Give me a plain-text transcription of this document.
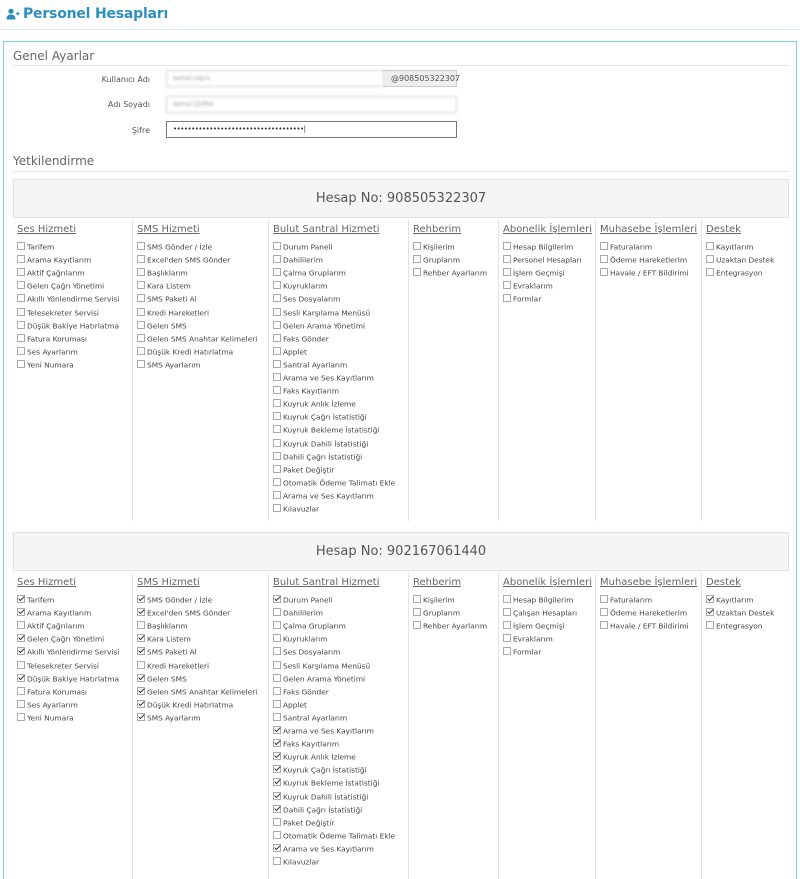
Personel Hesapları
Genel Ayarlar
Kullanıcı Adı	kemal.cepra	@908505322307
Adı Soyadı	Kemal ÇEPRA
Şifre	••••••••••••••••••••••••••••••••••••|
Yetkilendirme
Hesap No: 908505322307
Ses Hizmeti
Tarifem
Arama Kayıtlarım
Aktif Çağrılarım
Gelen Çağrı Yönetimi
Akıllı Yönlendirme Servisi
Telesekreter Servisi
Düşük Bakiye Hatırlatma
Fatura Koruması
Ses Ayarlarım
Yeni Numara
SMS Hizmeti
SMS Gönder / İzle
Excel'den SMS Gönder
Başlıklarım
Kara Listem
SMS Paketi Al
Kredi Hareketleri
Gelen SMS
Gelen SMS Anahtar Kelimeleri
Düşük Kredi Hatırlatma
SMS Ayarlarım
Bulut Santral Hizmeti
Durum Paneli
Dahililerim
Çalma Gruplarım
Kuyruklarım
Ses Dosyalarım
Sesli Karşılama Menüsü
Gelen Arama Yönetimi
Faks Gönder
Applet
Santral Ayarlarım
Arama ve Ses Kayıtlarım
Faks Kayıtlarım
Kuyruk Anlık İzleme
Kuyruk Çağrı İstatistiği
Kuyruk Bekleme İstatistiği
Kuyruk Dahili İstatistiği
Dahili Çağrı İstatistiği
Paket Değiştir
Otomatik Ödeme Talimatı Ekle
Arama ve Ses Kayıtlarım
Kılavuzlar
Rehberim
Kişilerim
Gruplarım
Rehber Ayarlarım
Abonelik İşlemleri
Hesap Bilgilerim
Personel Hesapları
İşlem Geçmişi
Evraklarım
Formlar
Muhasebe İşlemleri
Faturalarım
Ödeme Hareketlerim
Havale / EFT Bildirimi
Destek
Kayıtlarım
Uzaktan Destek
Entegrasyon
Hesap No: 902167061440
Ses Hizmeti
Tarifem
Arama Kayıtlarım
Aktif Çağrılarım
Gelen Çağrı Yönetimi
Akıllı Yönlendirme Servisi
Telesekreter Servisi
Düşük Bakiye Hatırlatma
Fatura Koruması
Ses Ayarlarım
Yeni Numara
SMS Hizmeti
SMS Gönder / İzle
Excel'den SMS Gönder
Başlıklarım
Kara Listem
SMS Paketi Al
Kredi Hareketleri
Gelen SMS
Gelen SMS Anahtar Kelimeleri
Düşük Kredi Hatırlatma
SMS Ayarlarım
Bulut Santral Hizmeti
Durum Paneli
Dahililerim
Çalma Gruplarım
Kuyruklarım
Ses Dosyalarım
Sesli Karşılama Menüsü
Gelen Arama Yönetimi
Faks Gönder
Applet
Santral Ayarlarım
Arama ve Ses Kayıtlarım
Faks Kayıtlarım
Kuyruk Anlık İzleme
Kuyruk Çağrı İstatistiği
Kuyruk Bekleme İstatistiği
Kuyruk Dahili İstatistiği
Dahili Çağrı İstatistiği
Paket Değiştir
Otomatik Ödeme Talimatı Ekle
Arama ve Ses Kayıtlarım
Kılavuzlar
Rehberim
Kişilerim
Gruplarım
Rehber Ayarlarım
Abonelik İşlemleri
Hesap Bilgilerim
Çalışan Hesapları
İşlem Geçmişi
Evraklarım
Formlar
Muhasebe İşlemleri
Faturalarım
Ödeme Hareketlerim
Havale / EFT Bildirimi
Destek
Kayıtlarım
Uzaktan Destek
Entegrasyon
